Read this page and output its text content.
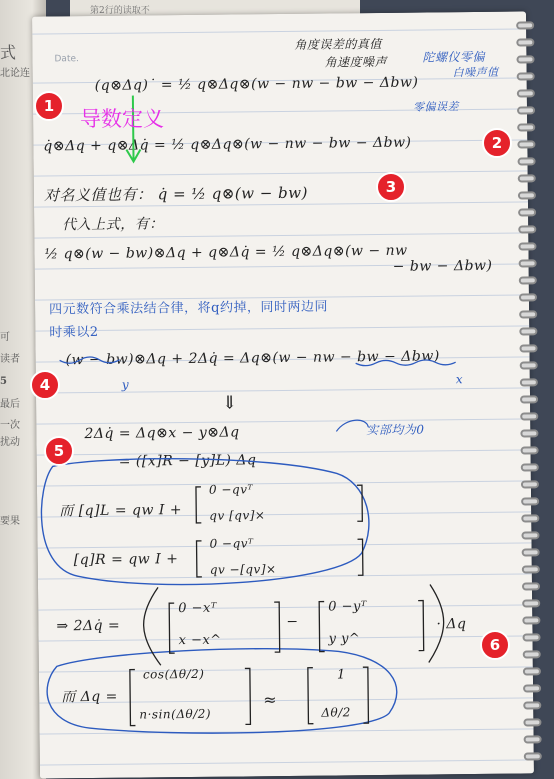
式
北论连
可
读者
5
最后
一次
扰动
要果
第2行的读取不
Date.
角度误差的真值
角速度噪声	陀螺仪零偏
白噪声值
零偏误差
(q⊗Δq)˙ = ½ q⊗Δq⊗(w − nw − bw − Δbw)
q̇⊗Δq + q⊗Δq̇ = ½ q⊗Δq⊗(w − nw − bw − Δbw)
对名义值也有： q̇ = ½ q⊗(w − bw)
代入上式，有：
½ q⊗(w − bw)⊗Δq + q⊗Δq̇ = ½ q⊗Δq⊗(w − nw
− bw − Δbw)
四元数符合乘法结合律，将q约掉，同时两边同
时乘以2
(w − bw)⊗Δq + 2Δq̇ = Δq⊗(w − nw − bw − Δbw)
x
y
⇓
2Δq̇ = Δq⊗x − y⊗Δq	实部均为0
= ([x]R − [y]L) Δq
而 [q]L = qw I +
0 −qvᵀ
qv [qv]×
[q]R = qw I +
0 −qvᵀ
qv −[qv]×
⇒ 2Δq̇ =
0 −xᵀ
x −x^
−
0 −yᵀ
y y^
· Δq
而 Δq =
cos(Δθ/2)
n·sin(Δθ/2)
≈
1
Δθ/2
导数定义
1
2
3
4
5
6
